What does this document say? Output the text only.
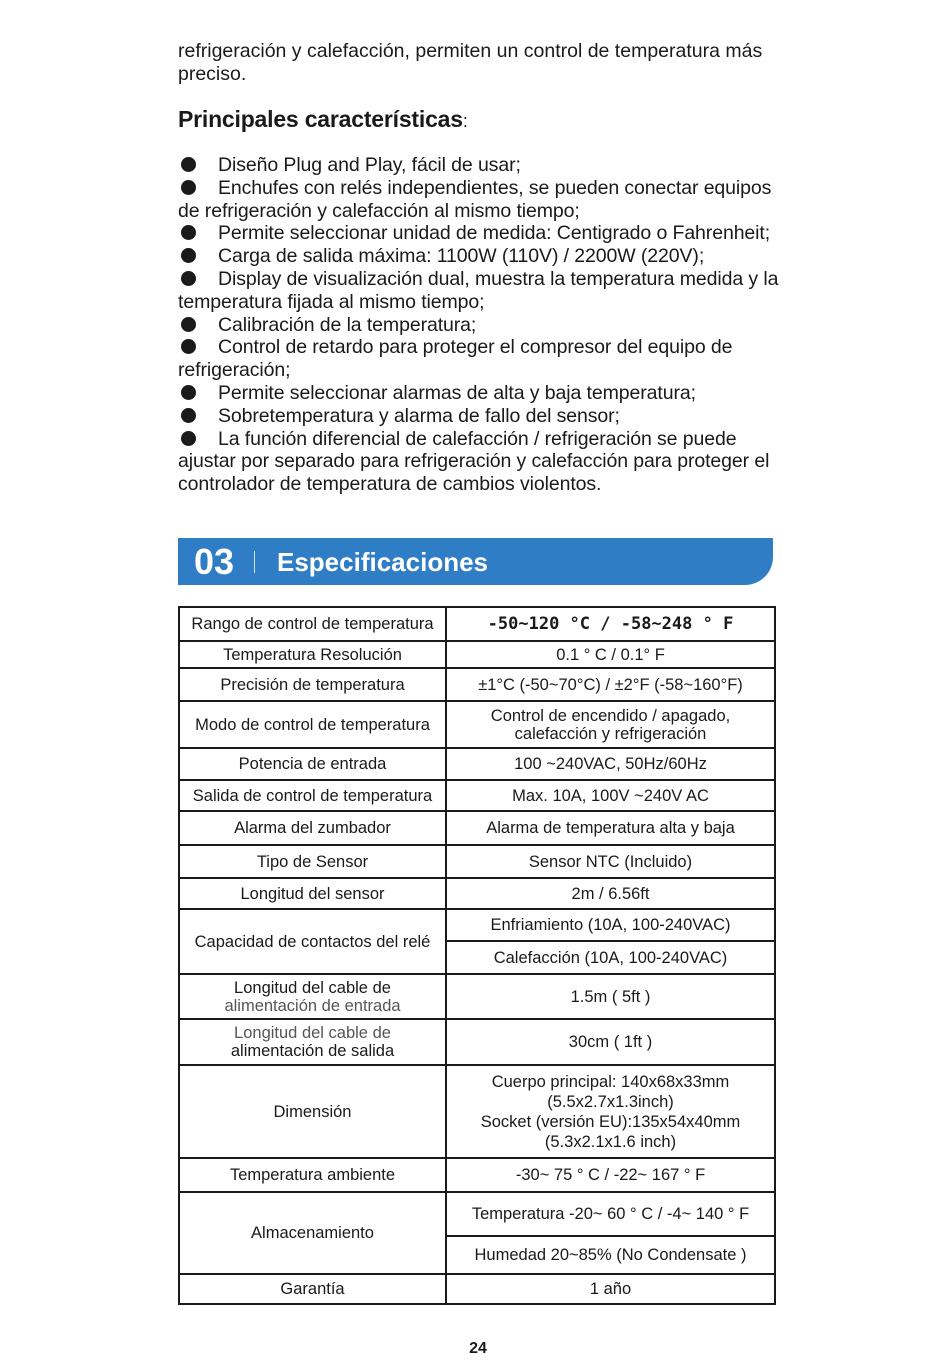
refrigeración y calefacción, permiten un control de temperatura más preciso.

Principales características:
Diseño Plug and Play, fácil de usar;
Enchufes con relés independientes, se pueden conectar equipos de refrigeración y calefacción al mismo tiempo;
Permite seleccionar unidad de medida: Centigrado o Fahrenheit;
Carga de salida máxima: 1100W (110V) / 2200W (220V);
Display de visualización dual, muestra la temperatura medida y la temperatura fijada al mismo tiempo;
Calibración de la temperatura;
Control de retardo para proteger el compresor del equipo de refrigeración;
Permite seleccionar alarmas de alta y baja temperatura;
Sobretemperatura y alarma de fallo del sensor;
La función diferencial de calefacción / refrigeración se puede ajustar por separado para refrigeración y calefacción para proteger el controlador de temperatura de cambios violentos.
03 Especificaciones
Rango de control de temperatura	-50~120 °C / -58~248 ° F
Temperatura Resolución	0.1 ° C / 0.1° F
Precisión de temperatura	±1°C (-50~70°C) / ±2°F (-58~160°F)
Modo de control de temperatura	Control de encendido / apagado,
calefacción y refrigeración
Potencia de entrada	100 ~240VAC, 50Hz/60Hz
Salida de control de temperatura	Max. 10A, 100V ~240V AC
Alarma del zumbador	Alarma de temperatura alta y baja
Tipo de Sensor	Sensor NTC (Incluido)
Longitud del sensor	2m / 6.56ft
Capacidad de contactos del relé	Enfriamiento (10A, 100-240VAC)
	Calefacción (10A, 100-240VAC)
Longitud del cable de
alimentación de entrada	1.5m ( 5ft )
Longitud del cable de
alimentación de salida	30cm ( 1ft )
Dimensión	Cuerpo principal: 140x68x33mm
(5.5x2.7x1.3inch)
Socket (versión EU):135x54x40mm
(5.3x2.1x1.6 inch)
Temperatura ambiente	-30~ 75 ° C / -22~ 167 ° F
Almacenamiento	Temperatura -20~ 60 ° C / -4~ 140 ° F
	Humedad 20~85% (No Condensate )
Garantía	1 año
24
